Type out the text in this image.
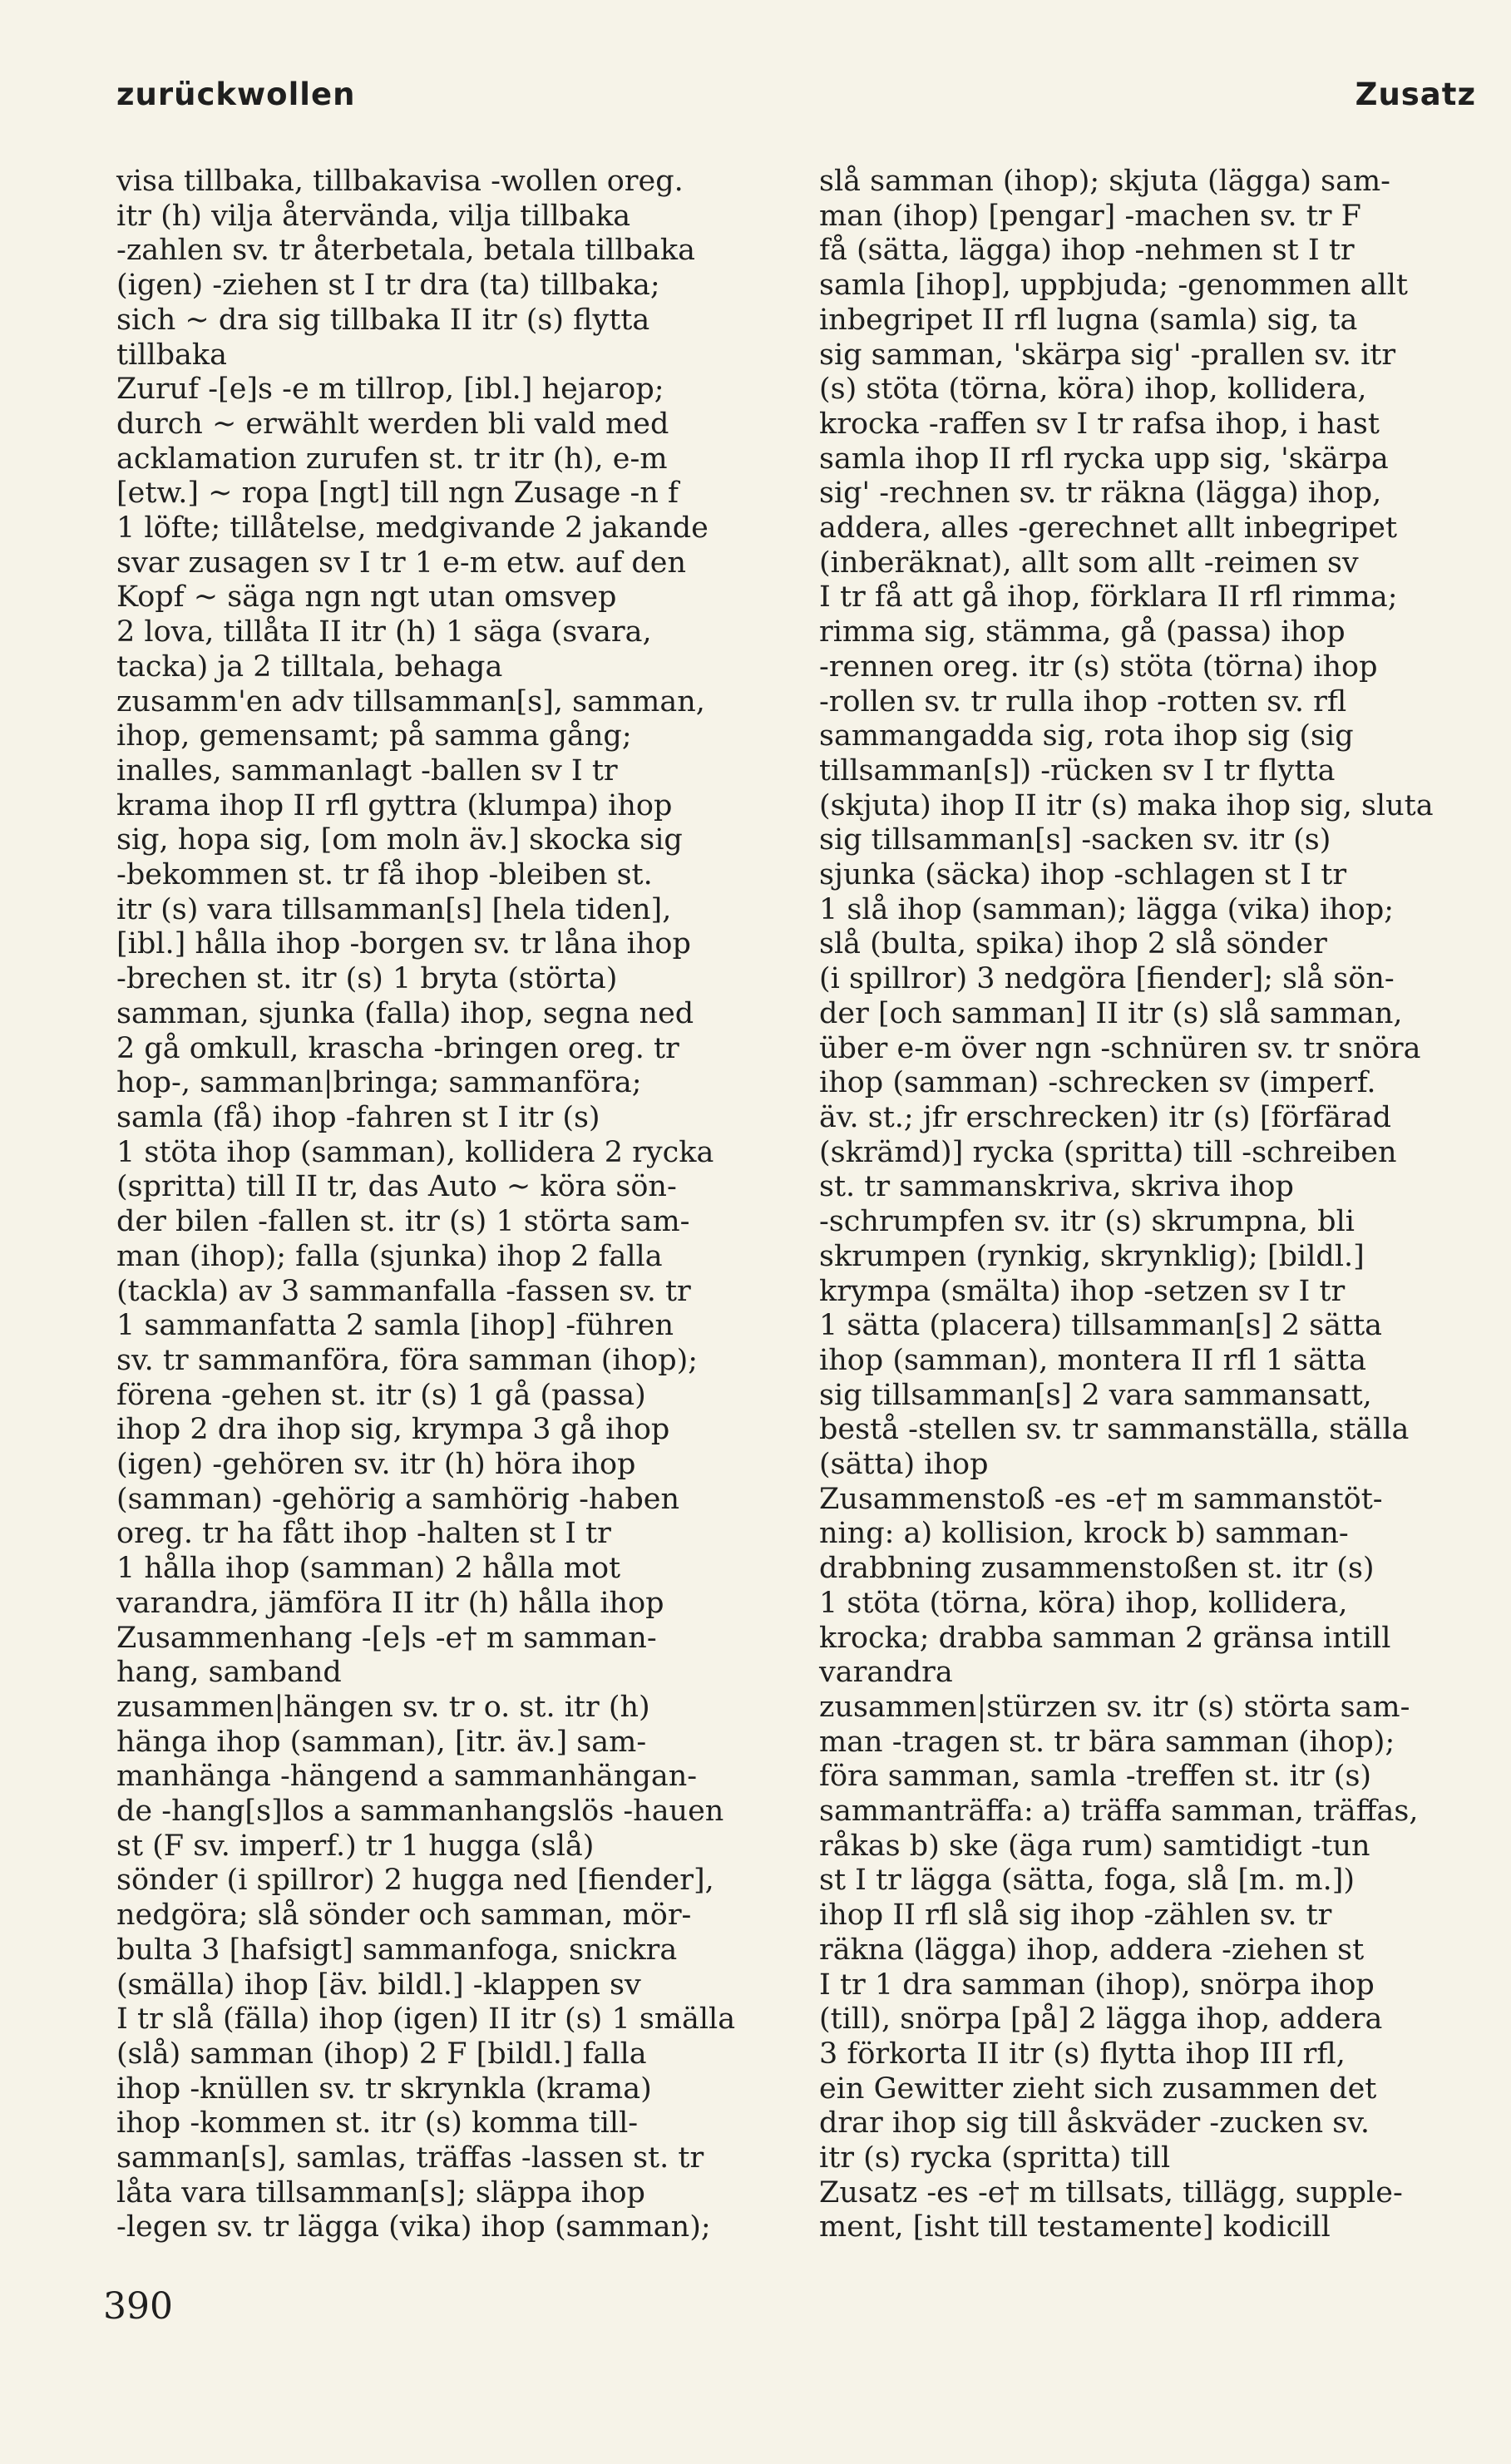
zurückwollen	Zusatz
visa tillbaka, tillbakavisa -wollen oreg.
itr (h) vilja återvända, vilja tillbaka
-zahlen sv. tr återbetala, betala tillbaka
(igen) -ziehen st I tr dra (ta) tillbaka;
sich ~ dra sig tillbaka II itr (s) flytta
tillbaka
Zuruf -[e]s -e m tillrop, [ibl.] hejarop;
durch ~ erwählt werden bli vald med
acklamation zurufen st. tr itr (h), e-m
[etw.] ~ ropa [ngt] till ngn Zusage -n f
1 löfte; tillåtelse, medgivande 2 jakande
svar zusagen sv I tr 1 e-m etw. auf den
Kopf ~ säga ngn ngt utan omsvep
2 lova, tillåta II itr (h) 1 säga (svara,
tacka) ja 2 tilltala, behaga
zusamm'en adv tillsamman[s], samman,
ihop, gemensamt; på samma gång;
inalles, sammanlagt -ballen sv I tr
krama ihop II rfl gyttra (klumpa) ihop
sig, hopa sig, [om moln äv.] skocka sig
-bekommen st. tr få ihop -bleiben st.
itr (s) vara tillsamman[s] [hela tiden],
[ibl.] hålla ihop -borgen sv. tr låna ihop
-brechen st. itr (s) 1 bryta (störta)
samman, sjunka (falla) ihop, segna ned
2 gå omkull, krascha -bringen oreg. tr
hop-, samman|bringa; sammanföra;
samla (få) ihop -fahren st I itr (s)
1 stöta ihop (samman), kollidera 2 rycka
(spritta) till II tr, das Auto ~ köra sön-
der bilen -fallen st. itr (s) 1 störta sam-
man (ihop); falla (sjunka) ihop 2 falla
(tackla) av 3 sammanfalla -fassen sv. tr
1 sammanfatta 2 samla [ihop] -führen
sv. tr sammanföra, föra samman (ihop);
förena -gehen st. itr (s) 1 gå (passa)
ihop 2 dra ihop sig, krympa 3 gå ihop
(igen) -gehören sv. itr (h) höra ihop
(samman) -gehörig a samhörig -haben
oreg. tr ha fått ihop -halten st I tr
1 hålla ihop (samman) 2 hålla mot
varandra, jämföra II itr (h) hålla ihop
Zusammenhang -[e]s -e† m samman-
hang, samband
zusammen|hängen sv. tr o. st. itr (h)
hänga ihop (samman), [itr. äv.] sam-
manhänga -hängend a sammanhängan-
de -hang[s]los a sammanhangslös -hauen
st (F sv. imperf.) tr 1 hugga (slå)
sönder (i spillror) 2 hugga ned [fiender],
nedgöra; slå sönder och samman, mör-
bulta 3 [hafsigt] sammanfoga, snickra
(smälla) ihop [äv. bildl.] -klappen sv
I tr slå (fälla) ihop (igen) II itr (s) 1 smälla
(slå) samman (ihop) 2 F [bildl.] falla
ihop -knüllen sv. tr skrynkla (krama)
ihop -kommen st. itr (s) komma till-
samman[s], samlas, träffas -lassen st. tr
låta vara tillsamman[s]; släppa ihop
-legen sv. tr lägga (vika) ihop (samman);
slå samman (ihop); skjuta (lägga) sam-
man (ihop) [pengar] -machen sv. tr F
få (sätta, lägga) ihop -nehmen st I tr
samla [ihop], uppbjuda; -genommen allt
inbegripet II rfl lugna (samla) sig, ta
sig samman, 'skärpa sig' -prallen sv. itr
(s) stöta (törna, köra) ihop, kollidera,
krocka -raffen sv I tr rafsa ihop, i hast
samla ihop II rfl rycka upp sig, 'skärpa
sig' -rechnen sv. tr räkna (lägga) ihop,
addera, alles -gerechnet allt inbegripet
(inberäknat), allt som allt -reimen sv
I tr få att gå ihop, förklara II rfl rimma;
rimma sig, stämma, gå (passa) ihop
-rennen oreg. itr (s) stöta (törna) ihop
-rollen sv. tr rulla ihop -rotten sv. rfl
sammangadda sig, rota ihop sig (sig
tillsamman[s]) -rücken sv I tr flytta
(skjuta) ihop II itr (s) maka ihop sig, sluta
sig tillsamman[s] -sacken sv. itr (s)
sjunka (säcka) ihop -schlagen st I tr
1 slå ihop (samman); lägga (vika) ihop;
slå (bulta, spika) ihop 2 slå sönder
(i spillror) 3 nedgöra [fiender]; slå sön-
der [och samman] II itr (s) slå samman,
über e-m över ngn -schnüren sv. tr snöra
ihop (samman) -schrecken sv (imperf.
äv. st.; jfr erschrecken) itr (s) [förfärad
(skrämd)] rycka (spritta) till -schreiben
st. tr sammanskriva, skriva ihop
-schrumpfen sv. itr (s) skrumpna, bli
skrumpen (rynkig, skrynklig); [bildl.]
krympa (smälta) ihop -setzen sv I tr
1 sätta (placera) tillsamman[s] 2 sätta
ihop (samman), montera II rfl 1 sätta
sig tillsamman[s] 2 vara sammansatt,
bestå -stellen sv. tr sammanställa, ställa
(sätta) ihop
Zusammenstoß -es -e† m sammanstöt-
ning: a) kollision, krock b) samman-
drabbning zusammenstoßen st. itr (s)
1 stöta (törna, köra) ihop, kollidera,
krocka; drabba samman 2 gränsa intill
varandra
zusammen|stürzen sv. itr (s) störta sam-
man -tragen st. tr bära samman (ihop);
föra samman, samla -treffen st. itr (s)
sammanträffa: a) träffa samman, träffas,
råkas b) ske (äga rum) samtidigt -tun
st I tr lägga (sätta, foga, slå [m. m.])
ihop II rfl slå sig ihop -zählen sv. tr
räkna (lägga) ihop, addera -ziehen st
I tr 1 dra samman (ihop), snörpa ihop
(till), snörpa [på] 2 lägga ihop, addera
3 förkorta II itr (s) flytta ihop III rfl,
ein Gewitter zieht sich zusammen det
drar ihop sig till åskväder -zucken sv.
itr (s) rycka (spritta) till
Zusatz -es -e† m tillsats, tillägg, supple-
ment, [isht till testamente] kodicill
390
